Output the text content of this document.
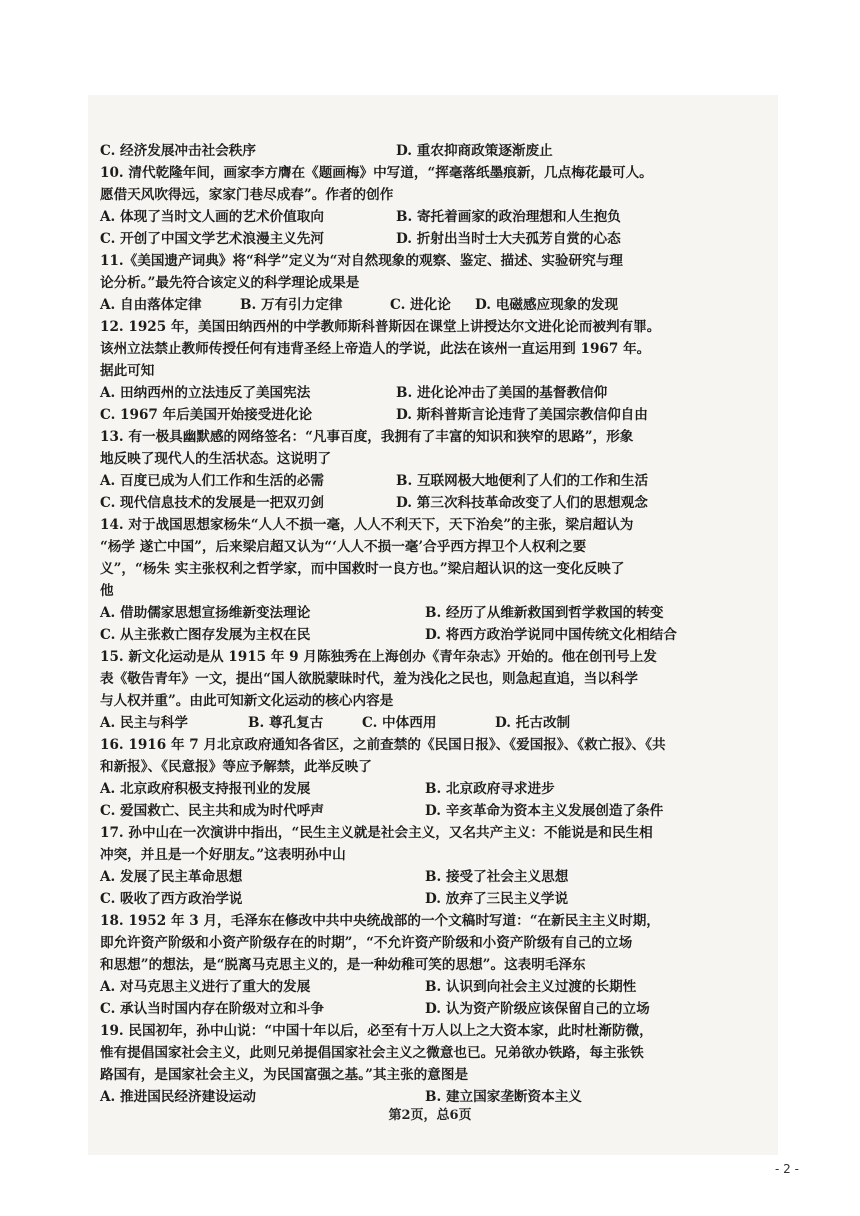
C. 经济发展冲击社会秩序	D. 重农抑商政策逐渐废止
10. 清代乾隆年间，画家李方膺在《题画梅》中写道，“挥毫落纸墨痕新，几点梅花最可人。
愿借天风吹得远，家家门巷尽成春”。作者的创作
A. 体现了当时文人画的艺术价值取向	B. 寄托着画家的政治理想和人生抱负
C. 开创了中国文学艺术浪漫主义先河	D. 折射出当时士大夫孤芳自赏的心态
11.《美国遗产词典》将“科学”定义为“对自然现象的观察、鉴定、描述、实验研究与理
论分析。”最先符合该定义的科学理论成果是
A. 自由落体定律	B. 万有引力定律	C. 进化论 D. 电磁感应现象的发现
12. 1925 年，美国田纳西州的中学教师斯科普斯因在课堂上讲授达尔文进化论而被判有罪。
该州立法禁止教师传授任何有违背圣经上帝造人的学说，此法在该州一直运用到 1967 年。
据此可知
A. 田纳西州的立法违反了美国宪法	B. 进化论冲击了美国的基督教信仰
C. 1967 年后美国开始接受进化论	D. 斯科普斯言论违背了美国宗教信仰自由
13. 有一极具幽默感的网络签名：“凡事百度，我拥有了丰富的知识和狭窄的思路”，形象
地反映了现代人的生活状态。这说明了
A. 百度已成为人们工作和生活的必需	B. 互联网极大地便利了人们的工作和生活
C. 现代信息技术的发展是一把双刃剑	D. 第三次科技革命改变了人们的思想观念
14. 对于战国思想家杨朱“人人不损一毫，人人不利天下，天下治矣”的主张，梁启超认为
“杨学 遂亡中国”，后来梁启超又认为“‘人人不损一毫’合乎西方捍卫个人权利之要
义”，“杨朱 实主张权利之哲学家，而中国救时一良方也。”梁启超认识的这一变化反映了
他
A. 借助儒家思想宣扬维新变法理论	B. 经历了从维新救国到哲学救国的转变
C. 从主张救亡图存发展为主权在民	D. 将西方政治学说同中国传统文化相结合
15. 新文化运动是从 1915 年 9 月陈独秀在上海创办《青年杂志》开始的。他在创刊号上发
表《敬告青年》一文，提出“国人欲脱蒙昧时代，羞为浅化之民也，则急起直追，当以科学
与人权并重”。由此可知新文化运动的核心内容是
A. 民主与科学	B. 尊孔复古	C. 中体西用	D. 托古改制
16. 1916 年 7 月北京政府通知各省区，之前查禁的《民国日报》、《爱国报》、《救亡报》、《共
和新报》、《民意报》等应予解禁，此举反映了
A. 北京政府积极支持报刊业的发展	B. 北京政府寻求进步
C. 爱国救亡、民主共和成为时代呼声	D. 辛亥革命为资本主义发展创造了条件
17. 孙中山在一次演讲中指出，“民生主义就是社会主义，又名共产主义：不能说是和民生相
冲突，并且是一个好朋友。”这表明孙中山
A. 发展了民主革命思想	B. 接受了社会主义思想
C. 吸收了西方政治学说	D. 放弃了三民主义学说
18. 1952 年 3 月，毛泽东在修改中共中央统战部的一个文稿时写道：“在新民主主义时期，
即允许资产阶级和小资产阶级存在的时期”，“不允许资产阶级和小资产阶级有自己的立场
和思想”的想法，是“脱离马克思主义的，是一种幼稚可笑的思想”。这表明毛泽东
A. 对马克思主义进行了重大的发展	B. 认识到向社会主义过渡的长期性
C. 承认当时国内存在阶级对立和斗争	D. 认为资产阶级应该保留自己的立场
19. 民国初年，孙中山说：“中国十年以后，必至有十万人以上之大资本家，此时杜渐防微，
惟有提倡国家社会主义，此则兄弟提倡国家社会主义之微意也已。兄弟欲办铁路，每主张铁
路国有，是国家社会主义，为民国富强之基。”其主张的意图是
A. 推进国民经济建设运动	B. 建立国家垄断资本主义
第2页，总6页
- 2 -
